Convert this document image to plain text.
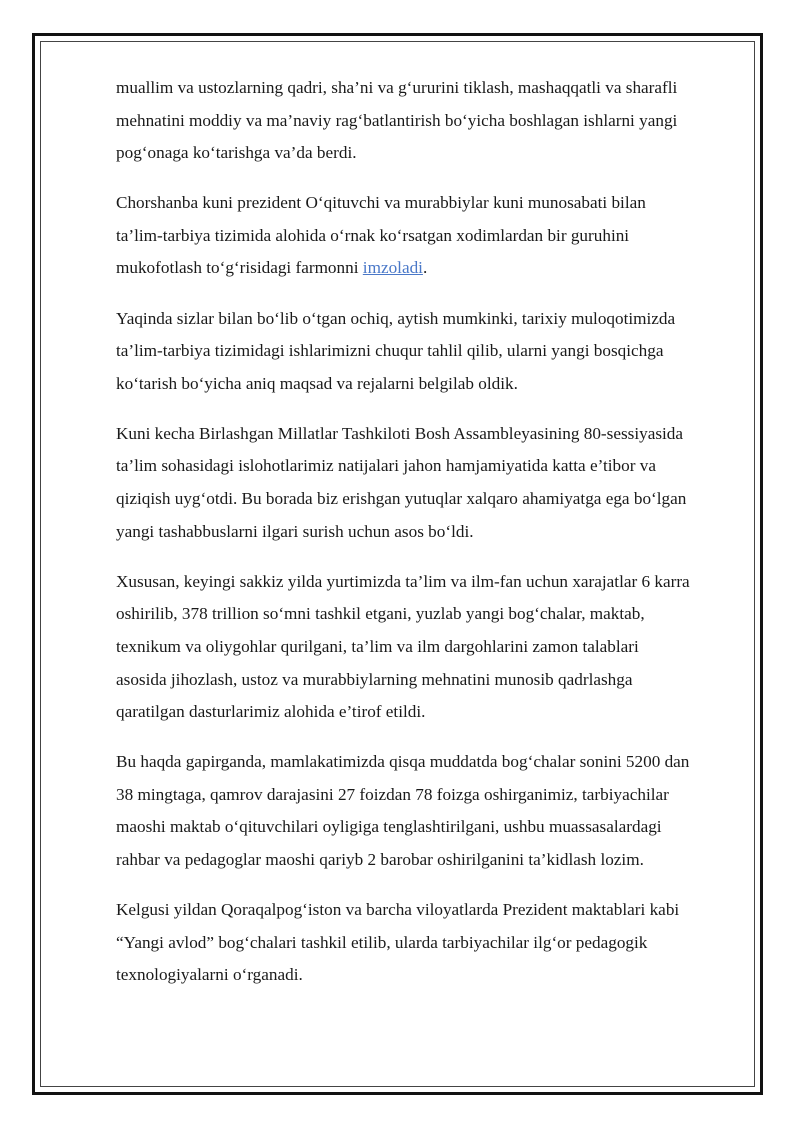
muallim va ustozlarning qadri, sha’ni va g‘ururini tiklash, mashaqqatli va sharafli
mehnatini moddiy va ma’naviy rag‘batlantirish bo‘yicha boshlagan ishlarni yangi
pog‘onaga ko‘tarishga va’da berdi.

Chorshanba kuni prezident O‘qituvchi va murabbiylar kuni munosabati bilan
ta’lim-tarbiya tizimida alohida o‘rnak ko‘rsatgan xodimlardan bir guruhini
mukofotlash to‘g‘risidagi farmonni imzoladi.

Yaqinda sizlar bilan bo‘lib o‘tgan ochiq, aytish mumkinki, tarixiy muloqotimizda
ta’lim-tarbiya tizimidagi ishlarimizni chuqur tahlil qilib, ularni yangi bosqichga
ko‘tarish bo‘yicha aniq maqsad va rejalarni belgilab oldik.

Kuni kecha Birlashgan Millatlar Tashkiloti Bosh Assambleyasining 80-sessiyasida
ta’lim sohasidagi islohotlarimiz natijalari jahon hamjamiyatida katta e’tibor va
qiziqish uyg‘otdi. Bu borada biz erishgan yutuqlar xalqaro ahamiyatga ega bo‘lgan
yangi tashabbuslarni ilgari surish uchun asos bo‘ldi.

Xususan, keyingi sakkiz yilda yurtimizda ta’lim va ilm-fan uchun xarajatlar 6 karra
oshirilib, 378 trillion so‘mni tashkil etgani, yuzlab yangi bog‘chalar, maktab,
texnikum va oliygohlar qurilgani, ta’lim va ilm dargohlarini zamon talablari
asosida jihozlash, ustoz va murabbiylarning mehnatini munosib qadrlashga
qaratilgan dasturlarimiz alohida e’tirof etildi.

Bu haqda gapirganda, mamlakatimizda qisqa muddatda bog‘chalar sonini 5200 dan
38 mingtaga, qamrov darajasini 27 foizdan 78 foizga oshirganimiz, tarbiyachilar
maoshi maktab o‘qituvchilari oyligiga tenglashtirilgani, ushbu muassasalardagi
rahbar va pedagoglar maoshi qariyb 2 barobar oshirilganini ta’kidlash lozim.

Kelgusi yildan Qoraqalpog‘iston va barcha viloyatlarda Prezident maktablari kabi
“Yangi avlod” bog‘chalari tashkil etilib, ularda tarbiyachilar ilg‘or pedagogik
texnologiyalarni o‘rganadi.
